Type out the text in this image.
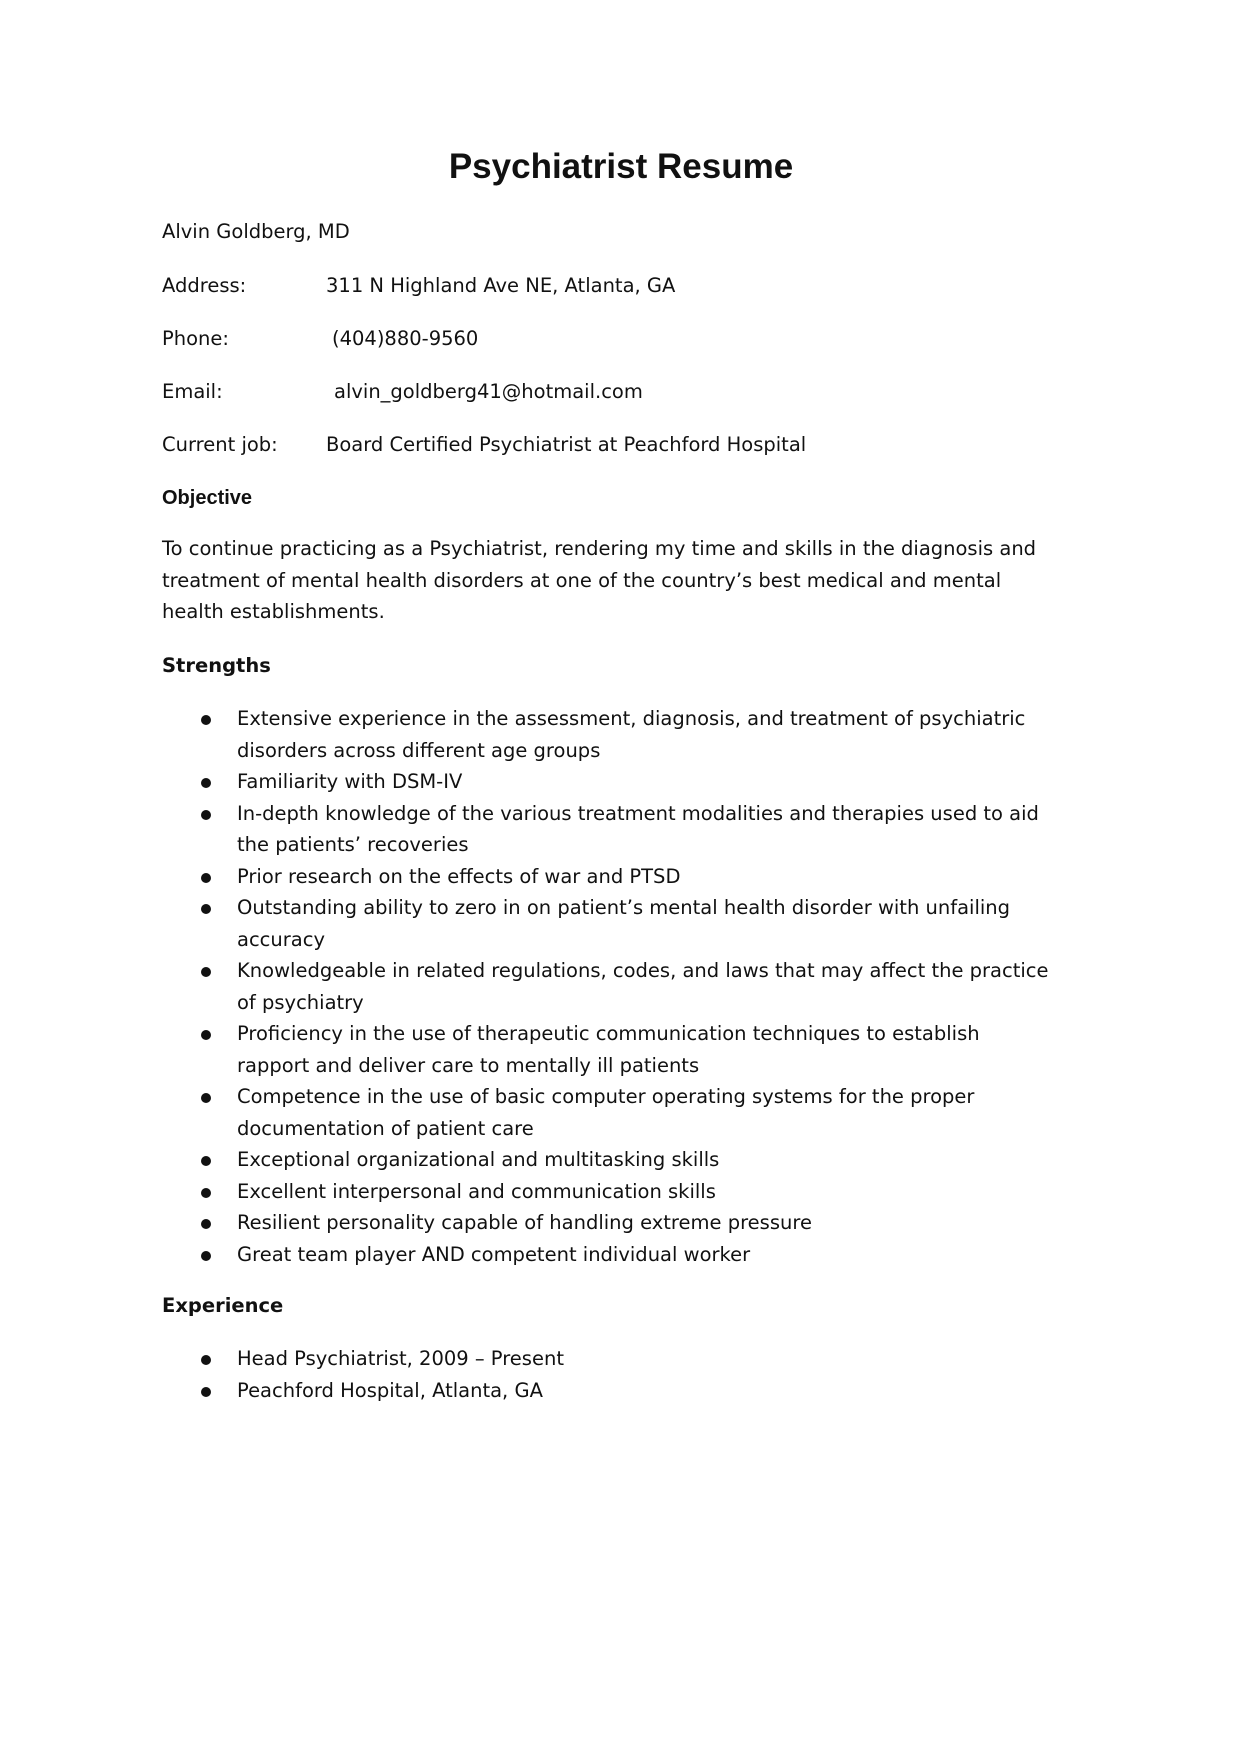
Psychiatrist Resume
Alvin Goldberg, MD
Address:	311 N Highland Ave NE, Atlanta, GA
Phone:	(404)880-9560
Email:	alvin_goldberg41@hotmail.com
Current job: Board Certified Psychiatrist at Peachford Hospital
Objective

To continue practicing as a Psychiatrist, rendering my time and skills in the diagnosis and treatment of mental health disorders at one of the country’s best medical and mental health establishments.

Strengths
Extensive experience in the assessment, diagnosis, and treatment of psychiatric disorders across different age groups
Familiarity with DSM-IV
In-depth knowledge of the various treatment modalities and therapies used to aid the patients’ recoveries
Prior research on the effects of war and PTSD
Outstanding ability to zero in on patient’s mental health disorder with unfailing accuracy
Knowledgeable in related regulations, codes, and laws that may affect the practice of psychiatry
Proficiency in the use of therapeutic communication techniques to establish rapport and deliver care to mentally ill patients
Competence in the use of basic computer operating systems for the proper documentation of patient care
Exceptional organizational and multitasking skills
Excellent interpersonal and communication skills
Resilient personality capable of handling extreme pressure
Great team player AND competent individual worker
Experience
Head Psychiatrist, 2009 – Present
Peachford Hospital, Atlanta, GA
